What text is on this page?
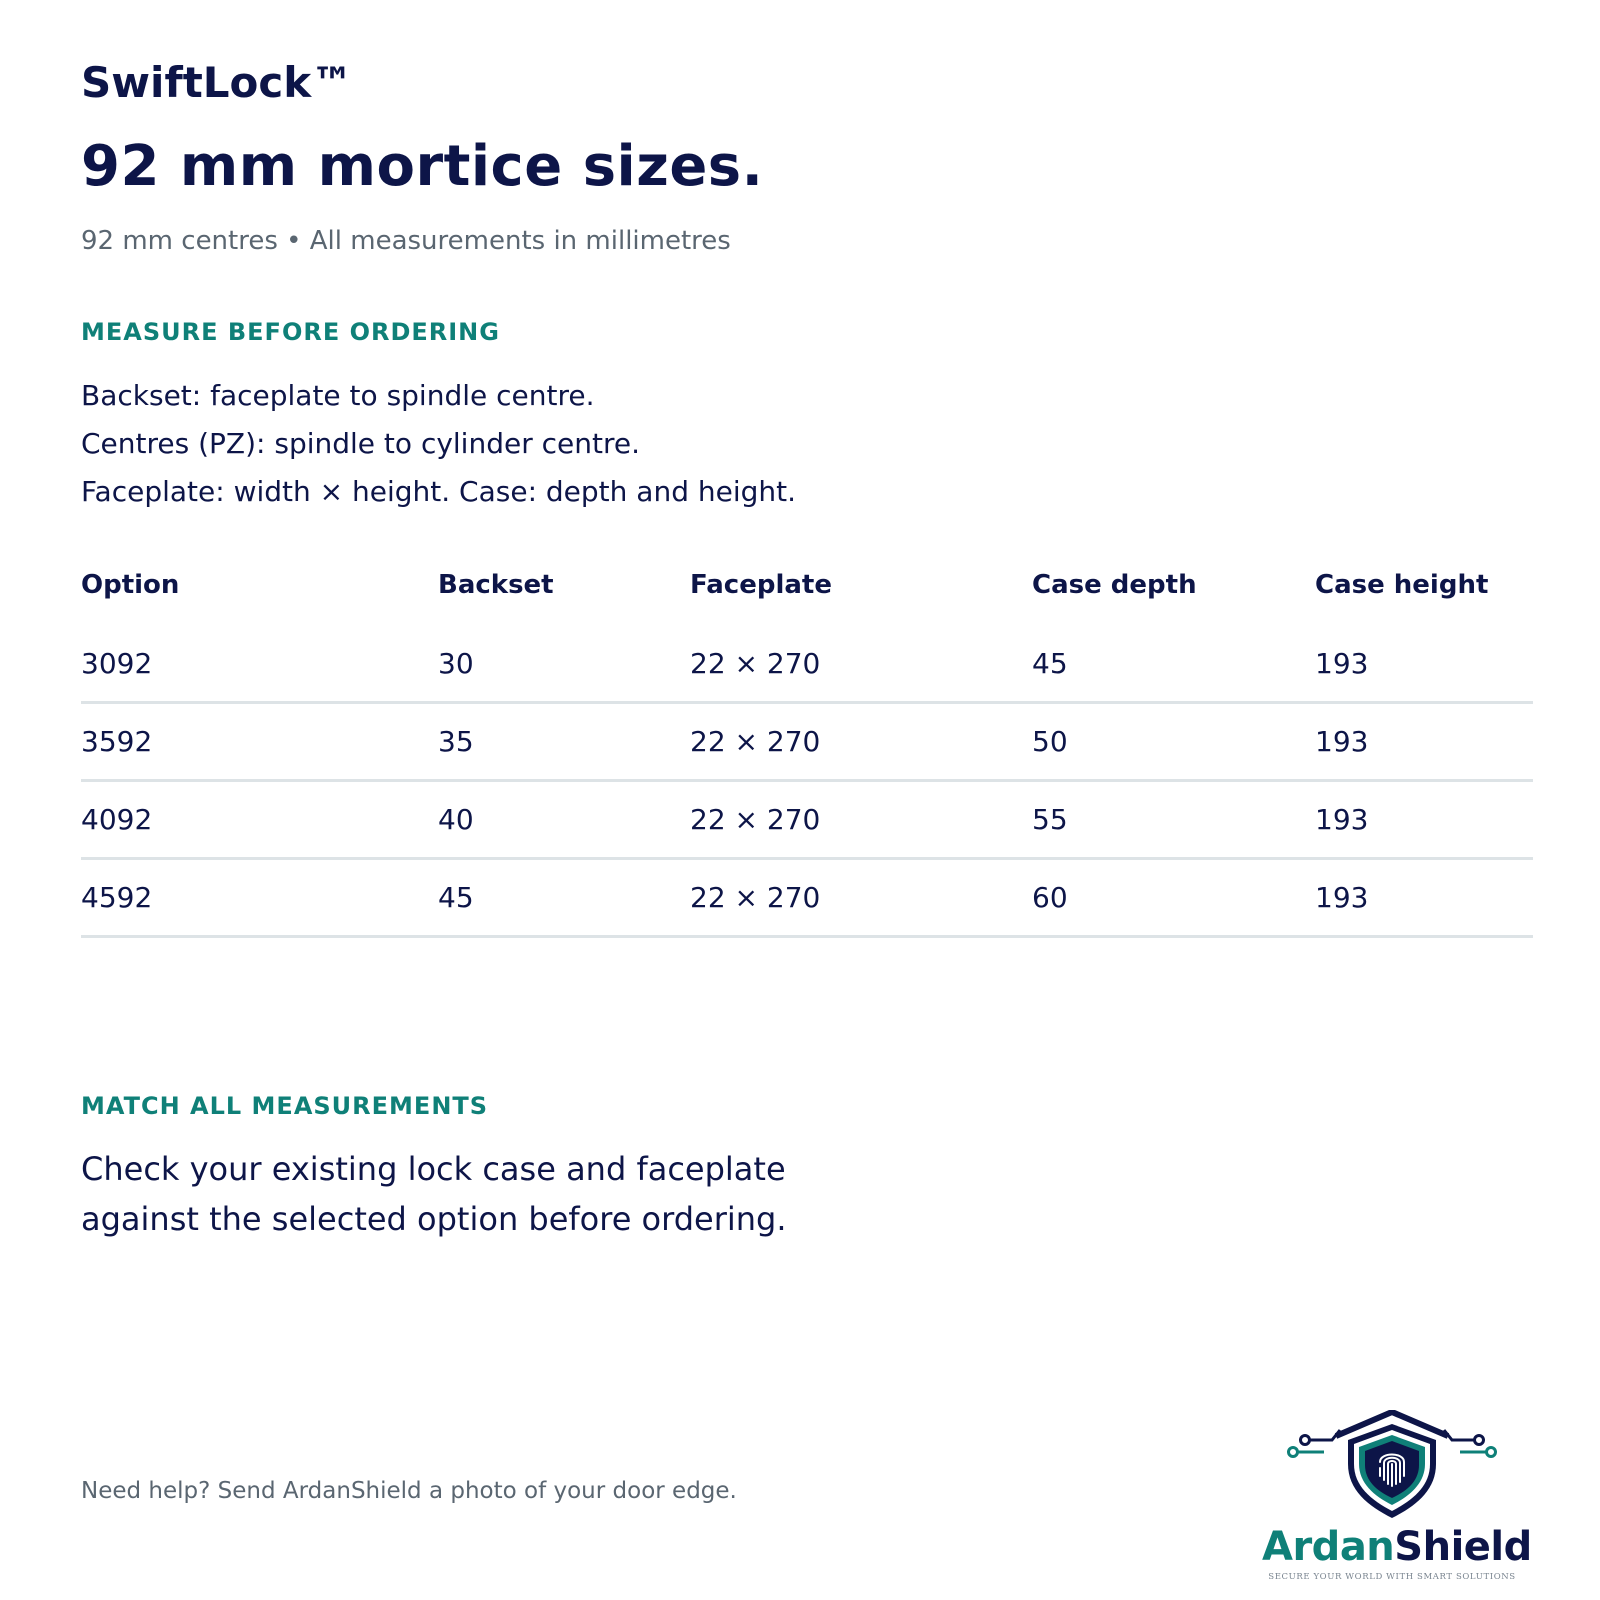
SwiftLock™
92 mm mortice sizes.
92 mm centres • All measurements in millimetres
MEASURE BEFORE ORDERING
Backset: faceplate to spindle centre.
Centres (PZ): spindle to cylinder centre.
Faceplate: width × height. Case: depth and height.
Option	Backset	Faceplate	Case depth	Case height
3092	30	22 × 270	45	193
3592	35	22 × 270	50	193
4092	40	22 × 270	55	193
4592	45	22 × 270	60	193
MATCH ALL MEASUREMENTS
Check your existing lock case and faceplate
against the selected option before ordering.
Need help? Send ArdanShield a photo of your door edge.
ArdanShield
SECURE YOUR WORLD WITH SMART SOLUTIONS
